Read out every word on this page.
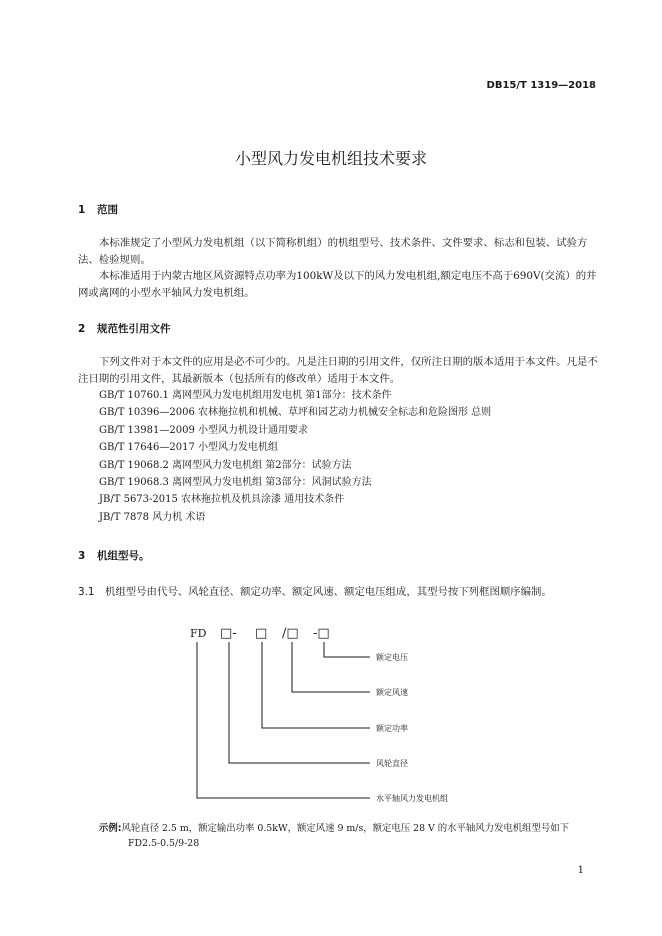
DB15/T 1319—2018
小型风力发电机组技术要求
1 范围
本标准规定了小型风力发电机组（以下简称机组）的机组型号、技术条件、文件要求、标志和包装、试验方法、检验规则。
本标准适用于内蒙古地区风资源特点功率为100kW及以下的风力发电机组,额定电压不高于690V(交流）的并网或离网的小型水平轴风力发电机组。
2 规范性引用文件
下列文件对于本文件的应用是必不可少的。凡是注日期的引用文件，仅所注日期的版本适用于本文件。凡是不注日期的引用文件，其最新版本（包括所有的修改单）适用于本文件。
GB/T 10760.1 离网型风力发电机组用发电机 第1部分：技术条件
GB/T 10396—2006 农林拖拉机和机械、草坪和园艺动力机械安全标志和危险图形 总则
GB/T 13981—2009 小型风力机设计通用要求
GB/T 17646—2017 小型风力发电机组
GB/T 19068.2 离网型风力发电机组 第2部分：试验方法
GB/T 19068.3 离网型风力发电机组 第3部分：风洞试验方法
JB/T 5673-2015 农林拖拉机及机具涂漆 通用技术条件
JB/T 7878 风力机 术语
3 机组型号。
3.1 机组型号由代号、风轮直径、额定功率、额定风速、额定电压组成，其型号按下列框图顺序编制。
FD □- □ /□ -□
额定电压
额定风速
额定功率
风轮直径
水平轴风力发电机组
示例:风轮直径 2.5 m，额定输出功率 0.5kW，额定风速 9 m/s，额定电压 28 V 的水平轴风力发电机组型号如下
FD2.5-0.5/9-28
1
